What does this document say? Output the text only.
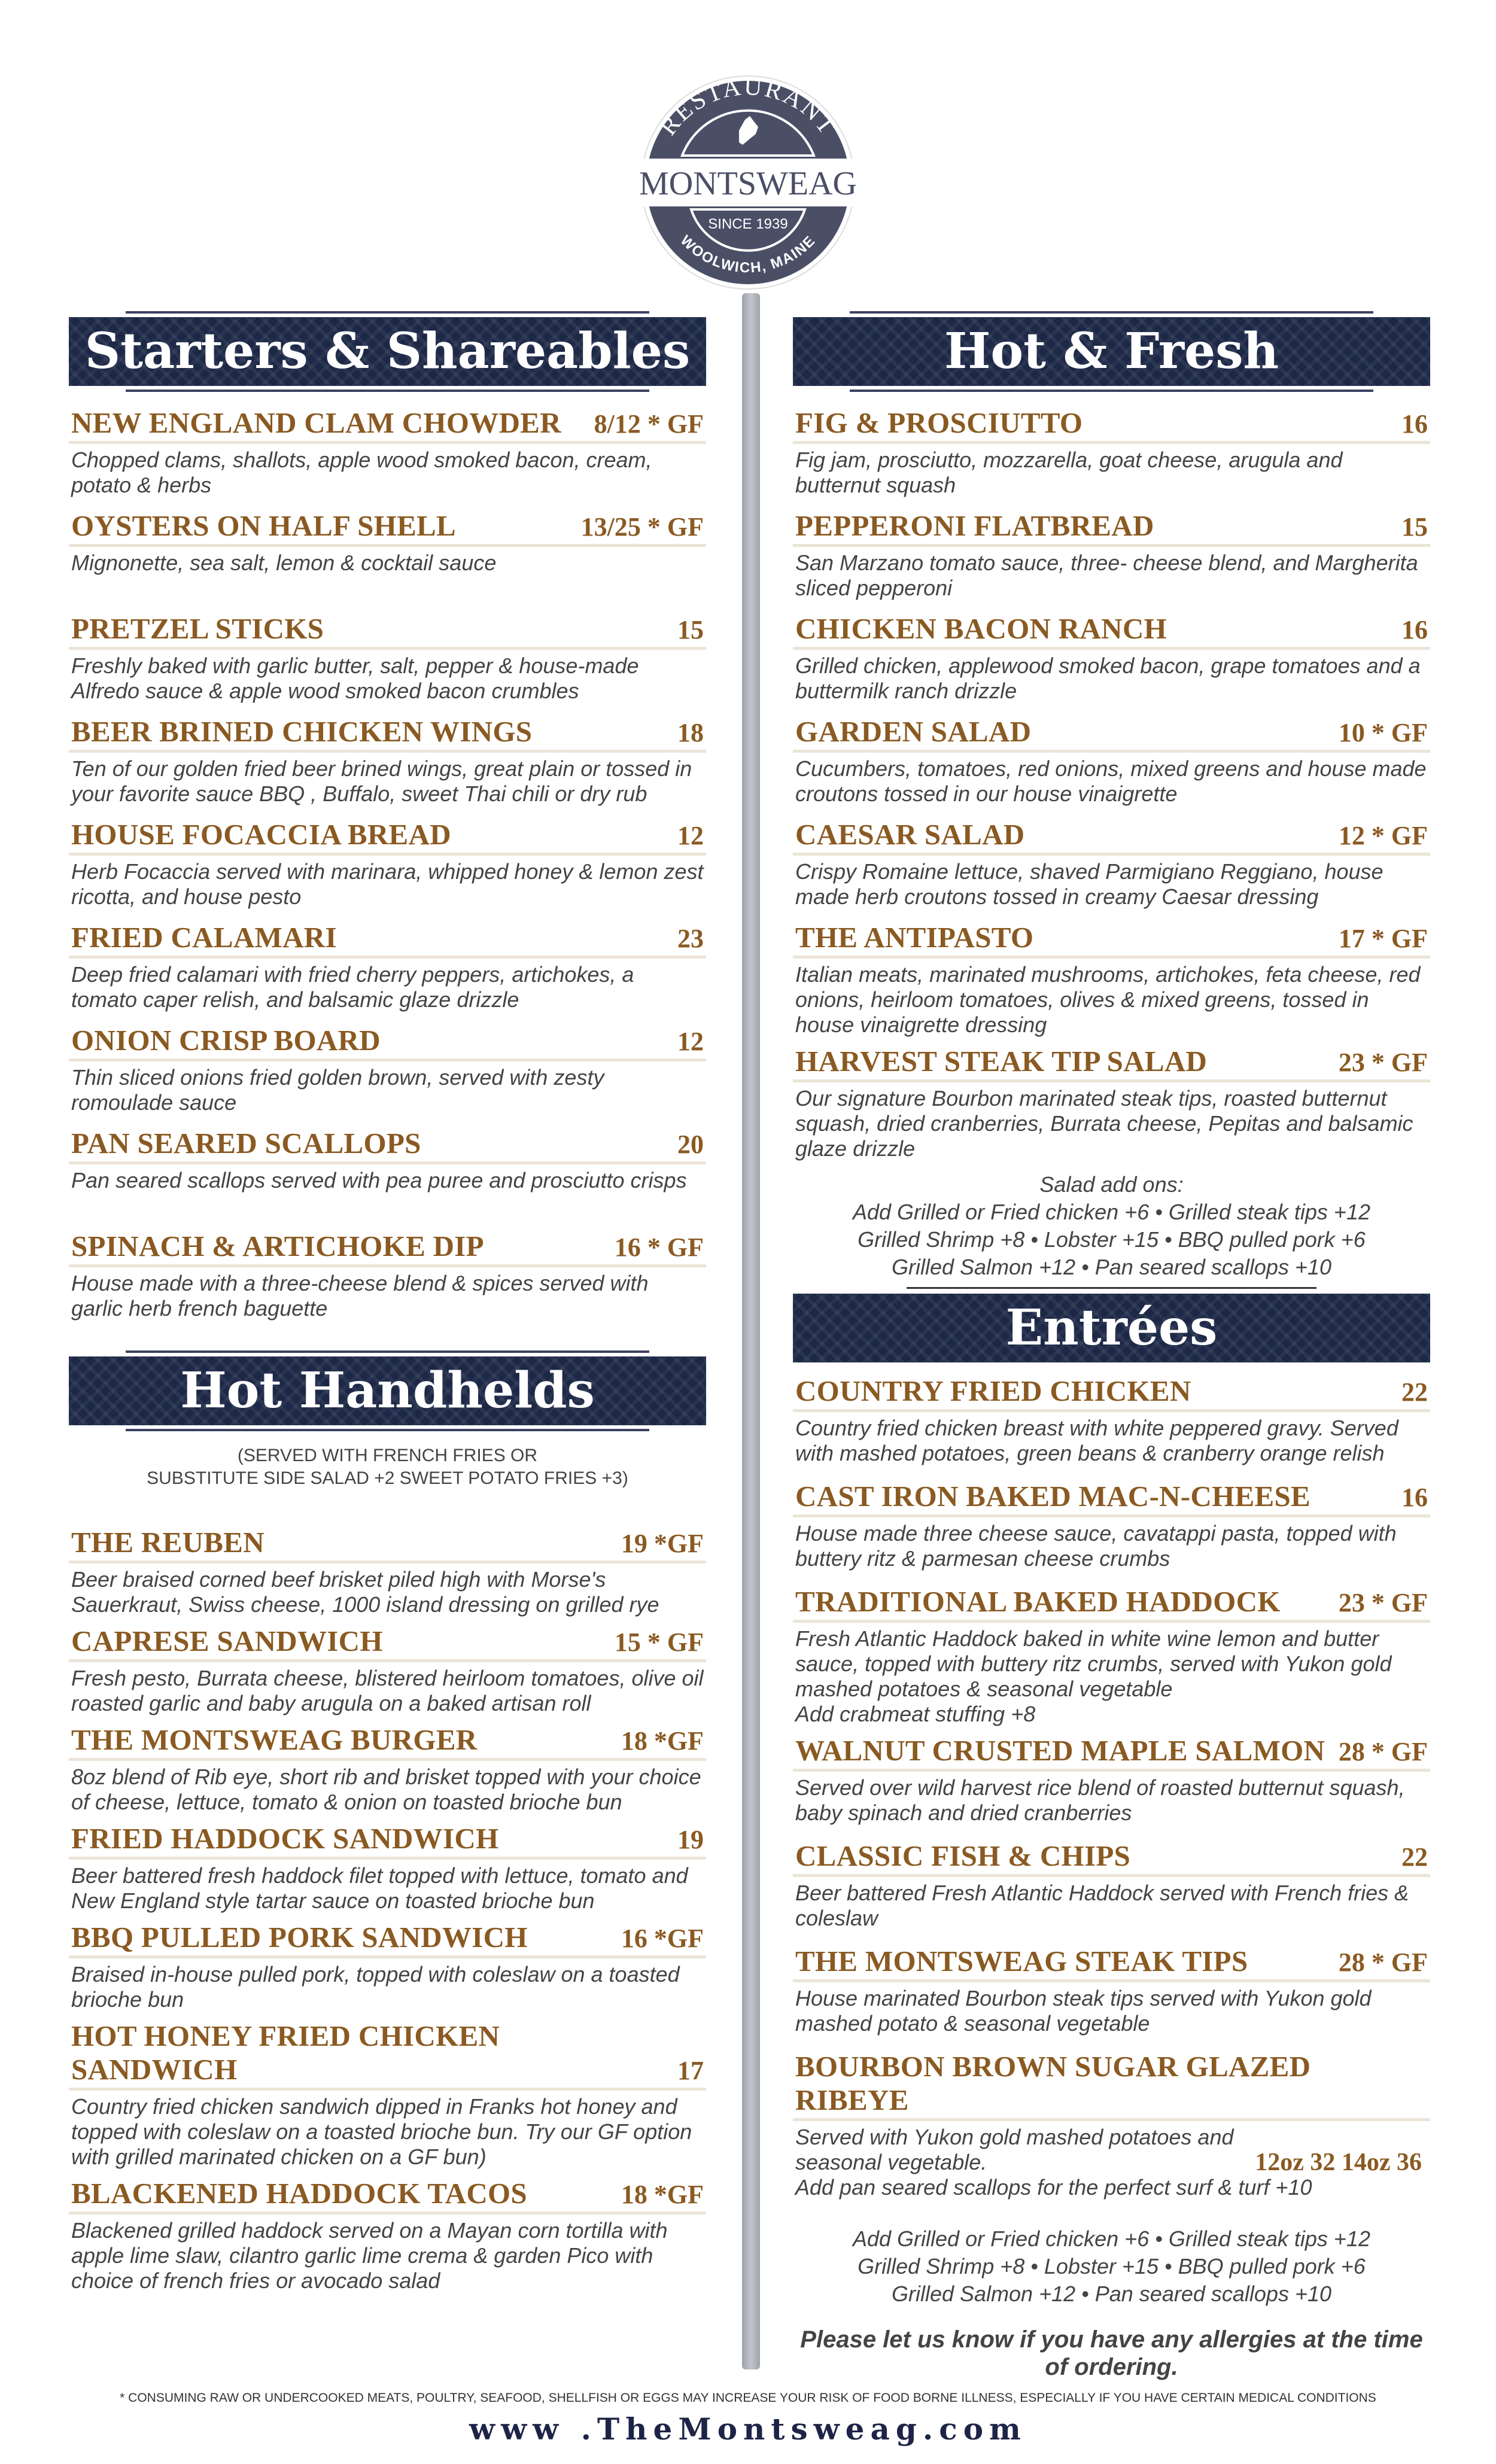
RESTAURANT
MONTSWEAG
SINCE 1939
WOOLWICH, MAINE
Starters & Shareables
NEW ENGLAND CLAM CHOWDER 8/12 * GF
Chopped clams, shallots, apple wood smoked bacon, cream, potato & herbs
OYSTERS ON HALF SHELL	13/25 * GF
Mignonette, sea salt, lemon & cocktail sauce
PRETZEL STICKS	15
Freshly baked with garlic butter, salt, pepper & house-made Alfredo sauce & apple wood smoked bacon crumbles
BEER BRINED CHICKEN WINGS	18
Ten of our golden fried beer brined wings, great plain or tossed in your favorite sauce BBQ , Buffalo, sweet Thai chili or dry rub
HOUSE FOCACCIA BREAD	12
Herb Focaccia served with marinara, whipped honey & lemon zest ricotta, and house pesto
FRIED CALAMARI	23
Deep fried calamari with fried cherry peppers, artichokes, a tomato caper relish, and balsamic glaze drizzle
ONION CRISP BOARD	12
Thin sliced onions fried golden brown, served with zesty romoulade sauce
PAN SEARED SCALLOPS	20
Pan seared scallops served with pea puree and prosciutto crisps
SPINACH & ARTICHOKE DIP	16 * GF
House made with a three-cheese blend & spices served with garlic herb french baguette
Hot Handhelds
(SERVED WITH FRENCH FRIES OR
SUBSTITUTE SIDE SALAD +2 SWEET POTATO FRIES +3)
THE REUBEN	19 *GF
Beer braised corned beef brisket piled high with Morse's Sauerkraut, Swiss cheese, 1000 island dressing on grilled rye
CAPRESE SANDWICH	15 * GF
Fresh pesto, Burrata cheese, blistered heirloom tomatoes, olive oil roasted garlic and baby arugula on a baked artisan roll
THE MONTSWEAG BURGER	18 *GF
8oz blend of Rib eye, short rib and brisket topped with your choice of cheese, lettuce, tomato & onion on toasted brioche bun
FRIED HADDOCK SANDWICH	19
Beer battered fresh haddock filet topped with lettuce, tomato and New England style tartar sauce on toasted brioche bun
BBQ PULLED PORK SANDWICH	16 *GF
Braised in-house pulled pork, topped with coleslaw on a toasted brioche bun
HOT HONEY FRIED CHICKEN SANDWICH	17
Country fried chicken sandwich dipped in Franks hot honey and topped with coleslaw on a toasted brioche bun. Try our GF option with grilled marinated chicken on a GF bun)
BLACKENED HADDOCK TACOS	18 *GF
Blackened grilled haddock served on a Mayan corn tortilla with apple lime slaw, cilantro garlic lime crema & garden Pico with choice of french fries or avocado salad
Hot & Fresh
FIG & PROSCIUTTO	16
Fig jam, prosciutto, mozzarella, goat cheese, arugula and butternut squash
PEPPERONI FLATBREAD	15
San Marzano tomato sauce, three- cheese blend, and Margherita sliced pepperoni
CHICKEN BACON RANCH	16
Grilled chicken, applewood smoked bacon, grape tomatoes and a buttermilk ranch drizzle
GARDEN SALAD	10 * GF
Cucumbers, tomatoes, red onions, mixed greens and house made croutons tossed in our house vinaigrette
CAESAR SALAD	12 * GF
Crispy Romaine lettuce, shaved Parmigiano Reggiano, house made herb croutons tossed in creamy Caesar dressing
THE ANTIPASTO	17 * GF
Italian meats, marinated mushrooms, artichokes, feta cheese, red onions, heirloom tomatoes, olives & mixed greens, tossed in house vinaigrette dressing
HARVEST STEAK TIP SALAD	23 * GF
Our signature Bourbon marinated steak tips, roasted butternut squash, dried cranberries, Burrata cheese, Pepitas and balsamic glaze drizzle
Salad add ons:
Add Grilled or Fried chicken +6 • Grilled steak tips +12
Grilled Shrimp +8 • Lobster +15 • BBQ pulled pork +6
Grilled Salmon +12 • Pan seared scallops +10
Entrées
COUNTRY FRIED CHICKEN	22
Country fried chicken breast with white peppered gravy. Served with mashed potatoes, green beans & cranberry orange relish
CAST IRON BAKED MAC-N-CHEESE	16
House made three cheese sauce, cavatappi pasta, topped with buttery ritz & parmesan cheese crumbs
TRADITIONAL BAKED HADDOCK 23 * GF
Fresh Atlantic Haddock baked in white wine lemon and butter sauce, topped with buttery ritz crumbs, served with Yukon gold mashed potatoes & seasonal vegetable
Add crabmeat stuffing +8
WALNUT CRUSTED MAPLE SALMON 28 * GF
Served over wild harvest rice blend of roasted butternut squash, baby spinach and dried cranberries
CLASSIC FISH & CHIPS	22
Beer battered Fresh Atlantic Haddock served with French fries & coleslaw
THE MONTSWEAG STEAK TIPS	28 * GF
House marinated Bourbon steak tips served with Yukon gold mashed potato & seasonal vegetable
BOURBON BROWN SUGAR GLAZED RIBEYE
12oz 32 14oz 36
Served with Yukon gold mashed potatoes and seasonal vegetable.
Add pan seared scallops for the perfect surf & turf +10
Add Grilled or Fried chicken +6 • Grilled steak tips +12
Grilled Shrimp +8 • Lobster +15 • BBQ pulled pork +6
Grilled Salmon +12 • Pan seared scallops +10
Please let us know if you have any allergies at the time of ordering.
* CONSUMING RAW OR UNDERCOOKED MEATS, POULTRY, SEAFOOD, SHELLFISH OR EGGS MAY INCREASE YOUR RISK OF FOOD BORNE ILLNESS, ESPECIALLY IF YOU HAVE CERTAIN MEDICAL CONDITIONS
www .TheMontsweag.com
